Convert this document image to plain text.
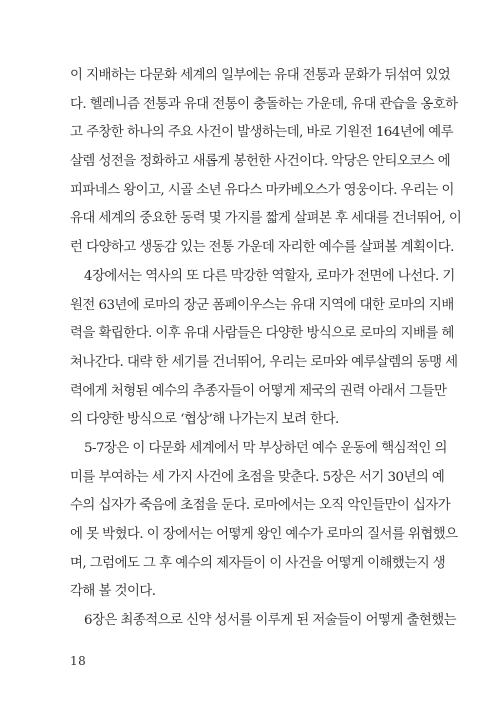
이 지배하는 다문화 세계의 일부에는 유대 전통과 문화가 뒤섞여 있었
다. 헬레니즘 전통과 유대 전통이 충돌하는 가운데, 유대 관습을 옹호하
고 주창한 하나의 주요 사건이 발생하는데, 바로 기원전 164년에 예루
살렘 성전을 정화하고 새롭게 봉헌한 사건이다. 악당은 안티오코스 에
피파네스 왕이고, 시골 소년 유다스 마카베오스가 영웅이다. 우리는 이
유대 세계의 중요한 동력 몇 가지를 짧게 살펴본 후 세대를 건너뛰어, 이
런 다양하고 생동감 있는 전통 가운데 자리한 예수를 살펴볼 계획이다.
4장에서는 역사의 또 다른 막강한 역할자, 로마가 전면에 나선다. 기
원전 63년에 로마의 장군 폼페이우스는 유대 지역에 대한 로마의 지배
력을 확립한다. 이후 유대 사람들은 다양한 방식으로 로마의 지배를 헤
쳐나간다. 대략 한 세기를 건너뛰어, 우리는 로마와 예루살렘의 동맹 세
력에게 처형된 예수의 추종자들이 어떻게 제국의 권력 아래서 그들만
의 다양한 방식으로 ‘협상’해 나가는지 보려 한다.
5-7장은 이 다문화 세계에서 막 부상하던 예수 운동에 핵심적인 의
미를 부여하는 세 가지 사건에 초점을 맞춘다. 5장은 서기 30년의 예
수의 십자가 죽음에 초점을 둔다. 로마에서는 오직 악인들만이 십자가
에 못 박혔다. 이 장에서는 어떻게 왕인 예수가 로마의 질서를 위협했으
며, 그럼에도 그 후 예수의 제자들이 이 사건을 어떻게 이해했는지 생
각해 볼 것이다.
6장은 최종적으로 신약 성서를 이루게 된 저술들이 어떻게 출현했는
18
